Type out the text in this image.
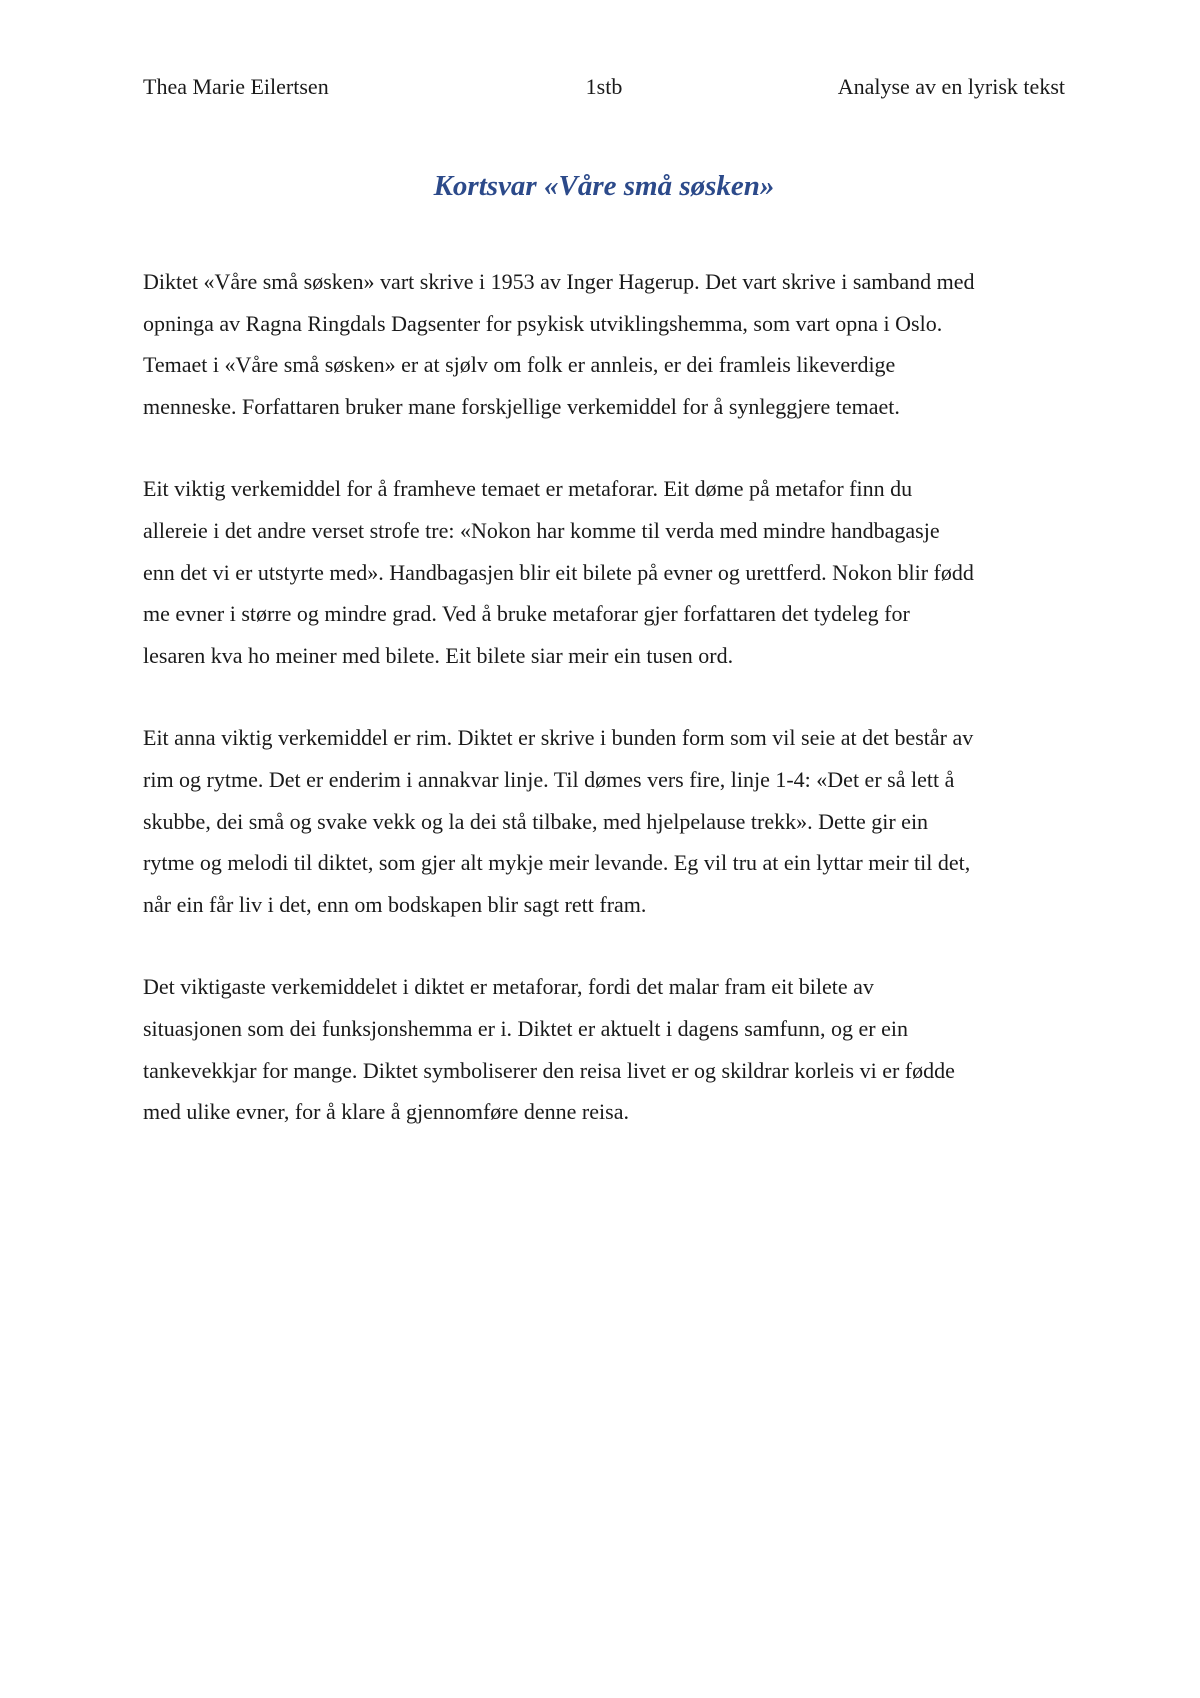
Thea Marie Eilertsen	1stb	Analyse av en lyrisk tekst
Kortsvar «Våre små søsken»

Diktet «Våre små søsken» vart skrive i 1953 av Inger Hagerup. Det vart skrive i samband med
opninga av Ragna Ringdals Dagsenter for psykisk utviklingshemma, som vart opna i Oslo.
Temaet i «Våre små søsken» er at sjølv om folk er annleis, er dei framleis likeverdige
menneske. Forfattaren bruker mane forskjellige verkemiddel for å synleggjere temaet.

Eit viktig verkemiddel for å framheve temaet er metaforar. Eit døme på metafor finn du
allereie i det andre verset strofe tre: «Nokon har komme til verda med mindre handbagasje
enn det vi er utstyrte med». Handbagasjen blir eit bilete på evner og urettferd. Nokon blir fødd
me evner i større og mindre grad. Ved å bruke metaforar gjer forfattaren det tydeleg for
lesaren kva ho meiner med bilete. Eit bilete siar meir ein tusen ord.

Eit anna viktig verkemiddel er rim. Diktet er skrive i bunden form som vil seie at det består av
rim og rytme. Det er enderim i annakvar linje. Til dømes vers fire, linje 1-4: «Det er så lett å
skubbe, dei små og svake vekk og la dei stå tilbake, med hjelpelause trekk». Dette gir ein
rytme og melodi til diktet, som gjer alt mykje meir levande. Eg vil tru at ein lyttar meir til det,
når ein får liv i det, enn om bodskapen blir sagt rett fram.

Det viktigaste verkemiddelet i diktet er metaforar, fordi det malar fram eit bilete av
situasjonen som dei funksjonshemma er i. Diktet er aktuelt i dagens samfunn, og er ein
tankevekkjar for mange. Diktet symboliserer den reisa livet er og skildrar korleis vi er fødde
med ulike evner, for å klare å gjennomføre denne reisa.
